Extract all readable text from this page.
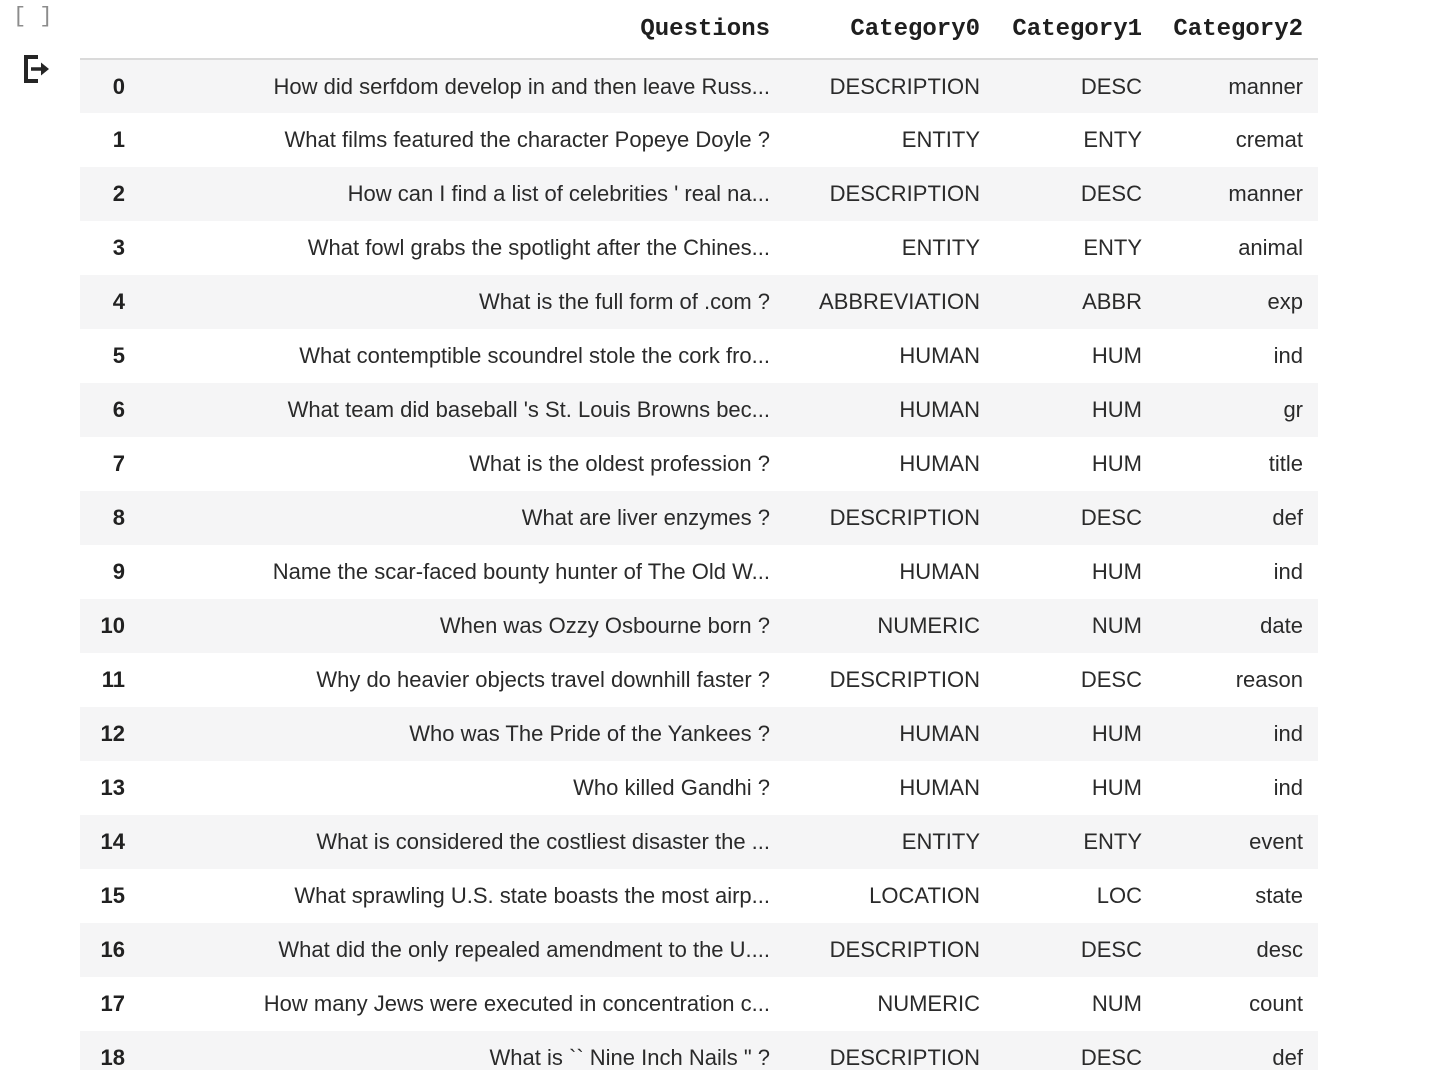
[ ]
		Questions	Category0	Category1	Category2
0	How did serfdom develop in and then leave Russ...	DESCRIPTION	DESC	manner
1	What films featured the character Popeye Doyle ?	ENTITY	ENTY	cremat
2	How can I find a list of celebrities ' real na...	DESCRIPTION	DESC	manner
3	What fowl grabs the spotlight after the Chines...	ENTITY	ENTY	animal
4	What is the full form of .com ?	ABBREVIATION	ABBR	exp
5	What contemptible scoundrel stole the cork fro...	HUMAN	HUM	ind
6	What team did baseball 's St. Louis Browns bec...	HUMAN	HUM	gr
7	What is the oldest profession ?	HUMAN	HUM	title
8	What are liver enzymes ?	DESCRIPTION	DESC	def
9	Name the scar-faced bounty hunter of The Old W...	HUMAN	HUM	ind
10	When was Ozzy Osbourne born ?	NUMERIC	NUM	date
11	Why do heavier objects travel downhill faster ?	DESCRIPTION	DESC	reason
12	Who was The Pride of the Yankees ?	HUMAN	HUM	ind
13	Who killed Gandhi ?	HUMAN	HUM	ind
14	What is considered the costliest disaster the ...	ENTITY	ENTY	event
15	What sprawling U.S. state boasts the most airp...	LOCATION	LOC	state
16	What did the only repealed amendment to the U....	DESCRIPTION	DESC	desc
17	How many Jews were executed in concentration c...	NUMERIC	NUM	count
18	What is `` Nine Inch Nails " ?	DESCRIPTION	DESC	def
